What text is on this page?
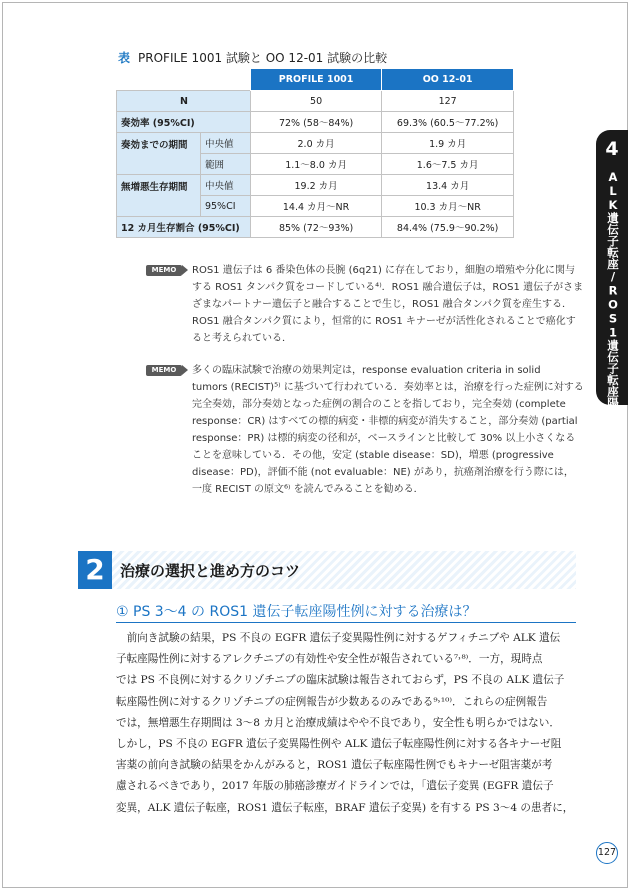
表 PROFILE 1001 試験と OO 12-01 試験の比較
		PROFILE 1001	OO 12-01
N		50	127
奏効率 (95%CI)		72% (58～84%)	69.3% (60.5～77.2%)
奏効までの期間	中央値	2.0 カ月	1.9 カ月
	範囲	1.1～8.0 カ月	1.6～7.5 カ月
無増悪生存期間	中央値	19.2 カ月	13.4 カ月
	95%CI	14.4 カ月～NR	10.3 カ月～NR
12 カ月生存割合 (95%CI)		85% (72～93%)	84.4% (75.9～90.2%)
MEMO	ROS1 遺伝子は 6 番染色体の長腕 (6q21) に存在しており，細胞の増殖や分化に関与
する ROS1 タンパク質をコードしている⁴⁾．ROS1 融合遺伝子は，ROS1 遺伝子がさま
ざまなパートナー遺伝子と融合することで生じ，ROS1 融合タンパク質を産生する．
ROS1 融合タンパク質により，恒常的に ROS1 キナーゼが活性化されることで癌化す
ると考えられている．
MEMO	多くの臨床試験で治療の効果判定は，response evaluation criteria in solid
tumors (RECIST)⁵⁾ に基づいて行われている．奏効率とは，治療を行った症例に対する
完全奏効，部分奏効となった症例の割合のことを指しており，完全奏効 (complete
response：CR) はすべての標的病変・非標的病変が消失すること，部分奏効 (partial
response：PR) は標的病変の径和が，ベースラインと比較して 30% 以上小さくなる
ことを意味している．その他，安定 (stable disease：SD)，増悪 (progressive
disease：PD)，評価不能 (not evaluable：NE) があり，抗癌剤治療を行う際には，
一度 RECIST の原文⁶⁾ を読んでみることを勧める．
2	治療の選択と進め方のコツ
① PS 3～4 の ROS1 遺伝子転座陽性例に対する治療は？
　前向き試験の結果，PS 不良の EGFR 遺伝子変異陽性例に対するゲフィチニブや ALK 遺伝
子転座陽性例に対するアレクチニブの有効性や安全性が報告されている⁷˒⁸⁾．一方，現時点
では PS 不良例に対するクリゾチニブの臨床試験は報告されておらず，PS 不良の ALK 遺伝子
転座陽性例に対するクリゾチニブの症例報告が少数あるのみである⁹˒¹⁰⁾．これらの症例報告
では，無増悪生存期間は 3～8 カ月と治療成績はやや不良であり，安全性も明らかではない．
しかし，PS 不良の EGFR 遺伝子変異陽性例や ALK 遺伝子転座陽性例に対する各キナーゼ阻
害薬の前向き試験の結果をかんがみると，ROS1 遺伝子転座陽性例でもキナーゼ阻害薬が考
慮されるべきであり，2017 年版の肺癌診療ガイドラインでは，「遺伝子変異 (EGFR 遺伝子
変異，ALK 遺伝子転座，ROS1 遺伝子転座，BRAF 遺伝子変異) を有する PS 3～4 の患者に，
4
ALK遺伝子転座/ROS1遺伝子転座陽性肺癌
127
